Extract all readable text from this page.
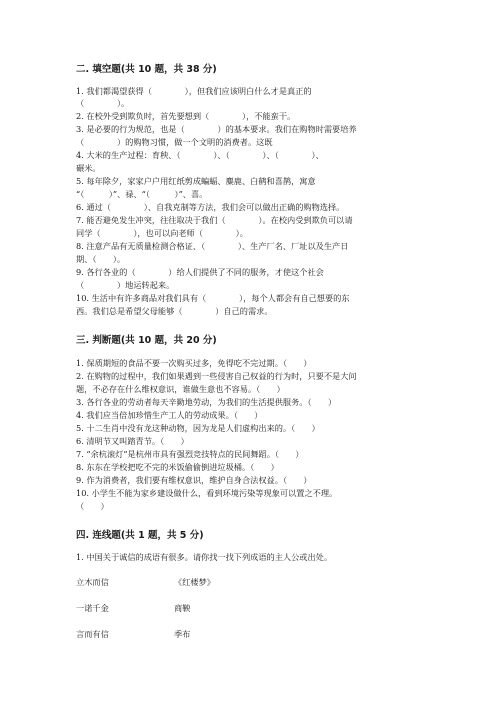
二. 填空题(共 10 题，共 38 分)
1. 我们都渴望获得（　　　　），但我们应该明白什么才是真正的
（　　　　）。
2. 在校外受到欺负时，首先要想到（　　　　），不能蛮干。
3. 是必要的行为规范，也是（　　　　）的基本要求。我们在购物时需要培养
（　　　　）的购物习惯，做一个文明的消费者。这既
4. 大米的生产过程：育秧、（　　　　）、（　　　　）、（　　　　）、
碾米。
5. 每年除夕，家家户户用红纸剪成蝙蝠、麋鹿、白鹤和喜鹊，寓意
“（　　　）”、禄、“（　　　）”、喜。
6. 通过（　　　　）、自我克制等方法，我们会可以做出正确的购物选择。
7. 能否避免发生冲突，往往取决于我们（　　　　）。在校内受到欺负可以请
同学（　　　　），也可以向老师（　　　　）。
8. 注意产品有无质量检测合格证、（　　　　）、生产厂名、厂址以及生产日
期、（　　）。
9. 各行各业的（　　　　）给人们提供了不同的服务，才使这个社会
（　　　　）地运转起来。
10. 生活中有许多商品对我们具有（　　　　），每个人都会有自己想要的东
西。我们总是希望父母能够（　　　　）自己的需求。
三. 判断题(共 10 题，共 20 分)
1. 保质期短的食品不要一次购买过多，免得吃不完过期。（　　）
2. 在购物的过程中，我们如果遇到一些侵害自己权益的行为时，只要不是大问
题，不必存在什么维权意识，谁做生意也不容易。（　　）
3. 各行各业的劳动者每天辛勤地劳动，为我们的生活提供服务。（　　）
4. 我们应当倍加珍惜生产工人的劳动成果。（　　）
5. 十二生肖中没有龙这种动物，因为龙是人们虚构出来的。（　　）
6. 清明节又叫踏青节。（　　）
7. “余杭滚灯”是杭州市具有强烈竞技特点的民间舞蹈。（　　）
8. 东东在学校把吃不完的米饭偷偷倒进垃圾桶。（　　）
9. 作为消费者，我们要有维权意识，维护自身合法权益。（　　）
10. 小学生不能为家乡建设做什么，看到环境污染等现象可以置之不理。
（　　）
四. 连线题(共 1 题，共 5 分)
1. 中国关于诚信的成语有很多。请你找一找下列成语的主人公或出处。
立木而信
一诺千金
言而有信
《红楼梦》
商鞅
季布
